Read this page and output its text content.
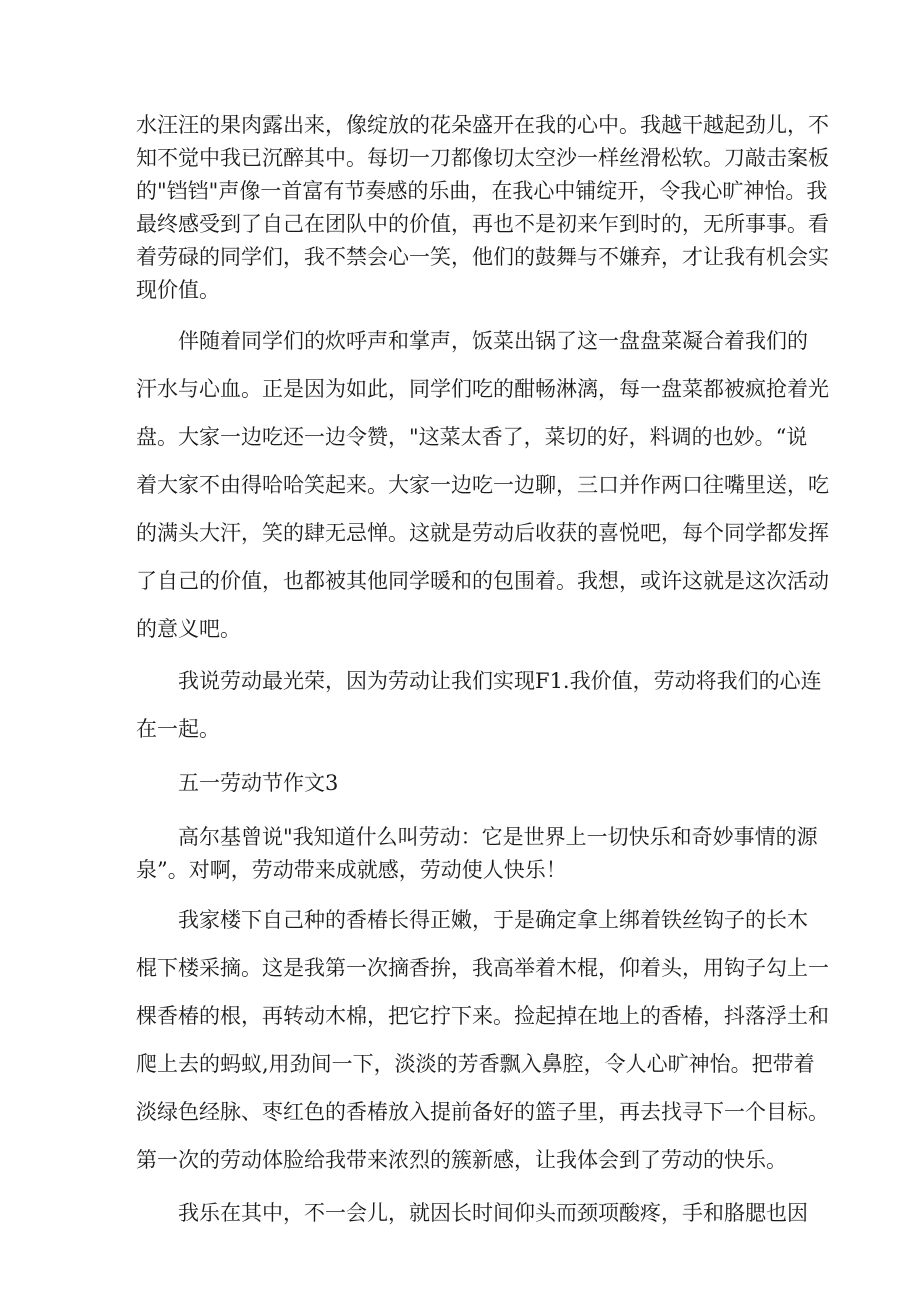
水汪汪的果肉露出来，像绽放的花朵盛开在我的心中。我越干越起劲儿，不

知不觉中我已沉醉其中。每切一刀都像切太空沙一样丝滑松软。刀敲击案板

的"铛铛"声像一首富有节奏感的乐曲，在我心中铺绽开，令我心旷神怡。我

最终感受到了自己在团队中的价值，再也不是初来乍到时的，无所事事。看

着劳碌的同学们，我不禁会心一笑，他们的鼓舞与不嫌弃，才让我有机会实

现价值。

伴随着同学们的炊呼声和掌声，饭菜出锅了这一盘盘菜凝合着我们的

汗水与心血。正是因为如此，同学们吃的酣畅淋漓，每一盘菜都被疯抢着光

盘。大家一边吃还一边令赞，"这菜太香了，菜切的好，料调的也妙。“说

着大家不由得哈哈笑起来。大家一边吃一边聊，三口并作两口往嘴里送，吃

的满头大汗，笑的肆无忌惮。这就是劳动后收获的喜悦吧，每个同学都发挥

了自己的价值，也都被其他同学暖和的包围着。我想，或许这就是这次活动

的意义吧。

我说劳动最光荣，因为劳动让我们实现F1.我价值，劳动将我们的心连

在一起。

五一劳动节作文3

高尔基曾说"我知道什么叫劳动：它是世界上一切快乐和奇妙事情的源

泉”。对啊，劳动带来成就感，劳动使人快乐！

我家楼下自己种的香椿长得正嫩，于是确定拿上绑着铁丝钩子的长木

棍下楼采摘。这是我第一次摘香拚，我高举着木棍，仰着头，用钩子勾上一

棵香椿的根，再转动木棉，把它拧下来。捡起掉在地上的香椿，抖落浮土和

爬上去的蚂蚁,用劲间一下，淡淡的芳香飘入鼻腔，令人心旷神怡。把带着

淡绿色经脉、枣红色的香椿放入提前备好的篮子里，再去找寻下一个目标。

第一次的劳动体脸给我带来浓烈的簇新感，让我体会到了劳动的快乐。

我乐在其中，不一会儿，就因长时间仰头而颈项酸疼，手和胳腮也因
